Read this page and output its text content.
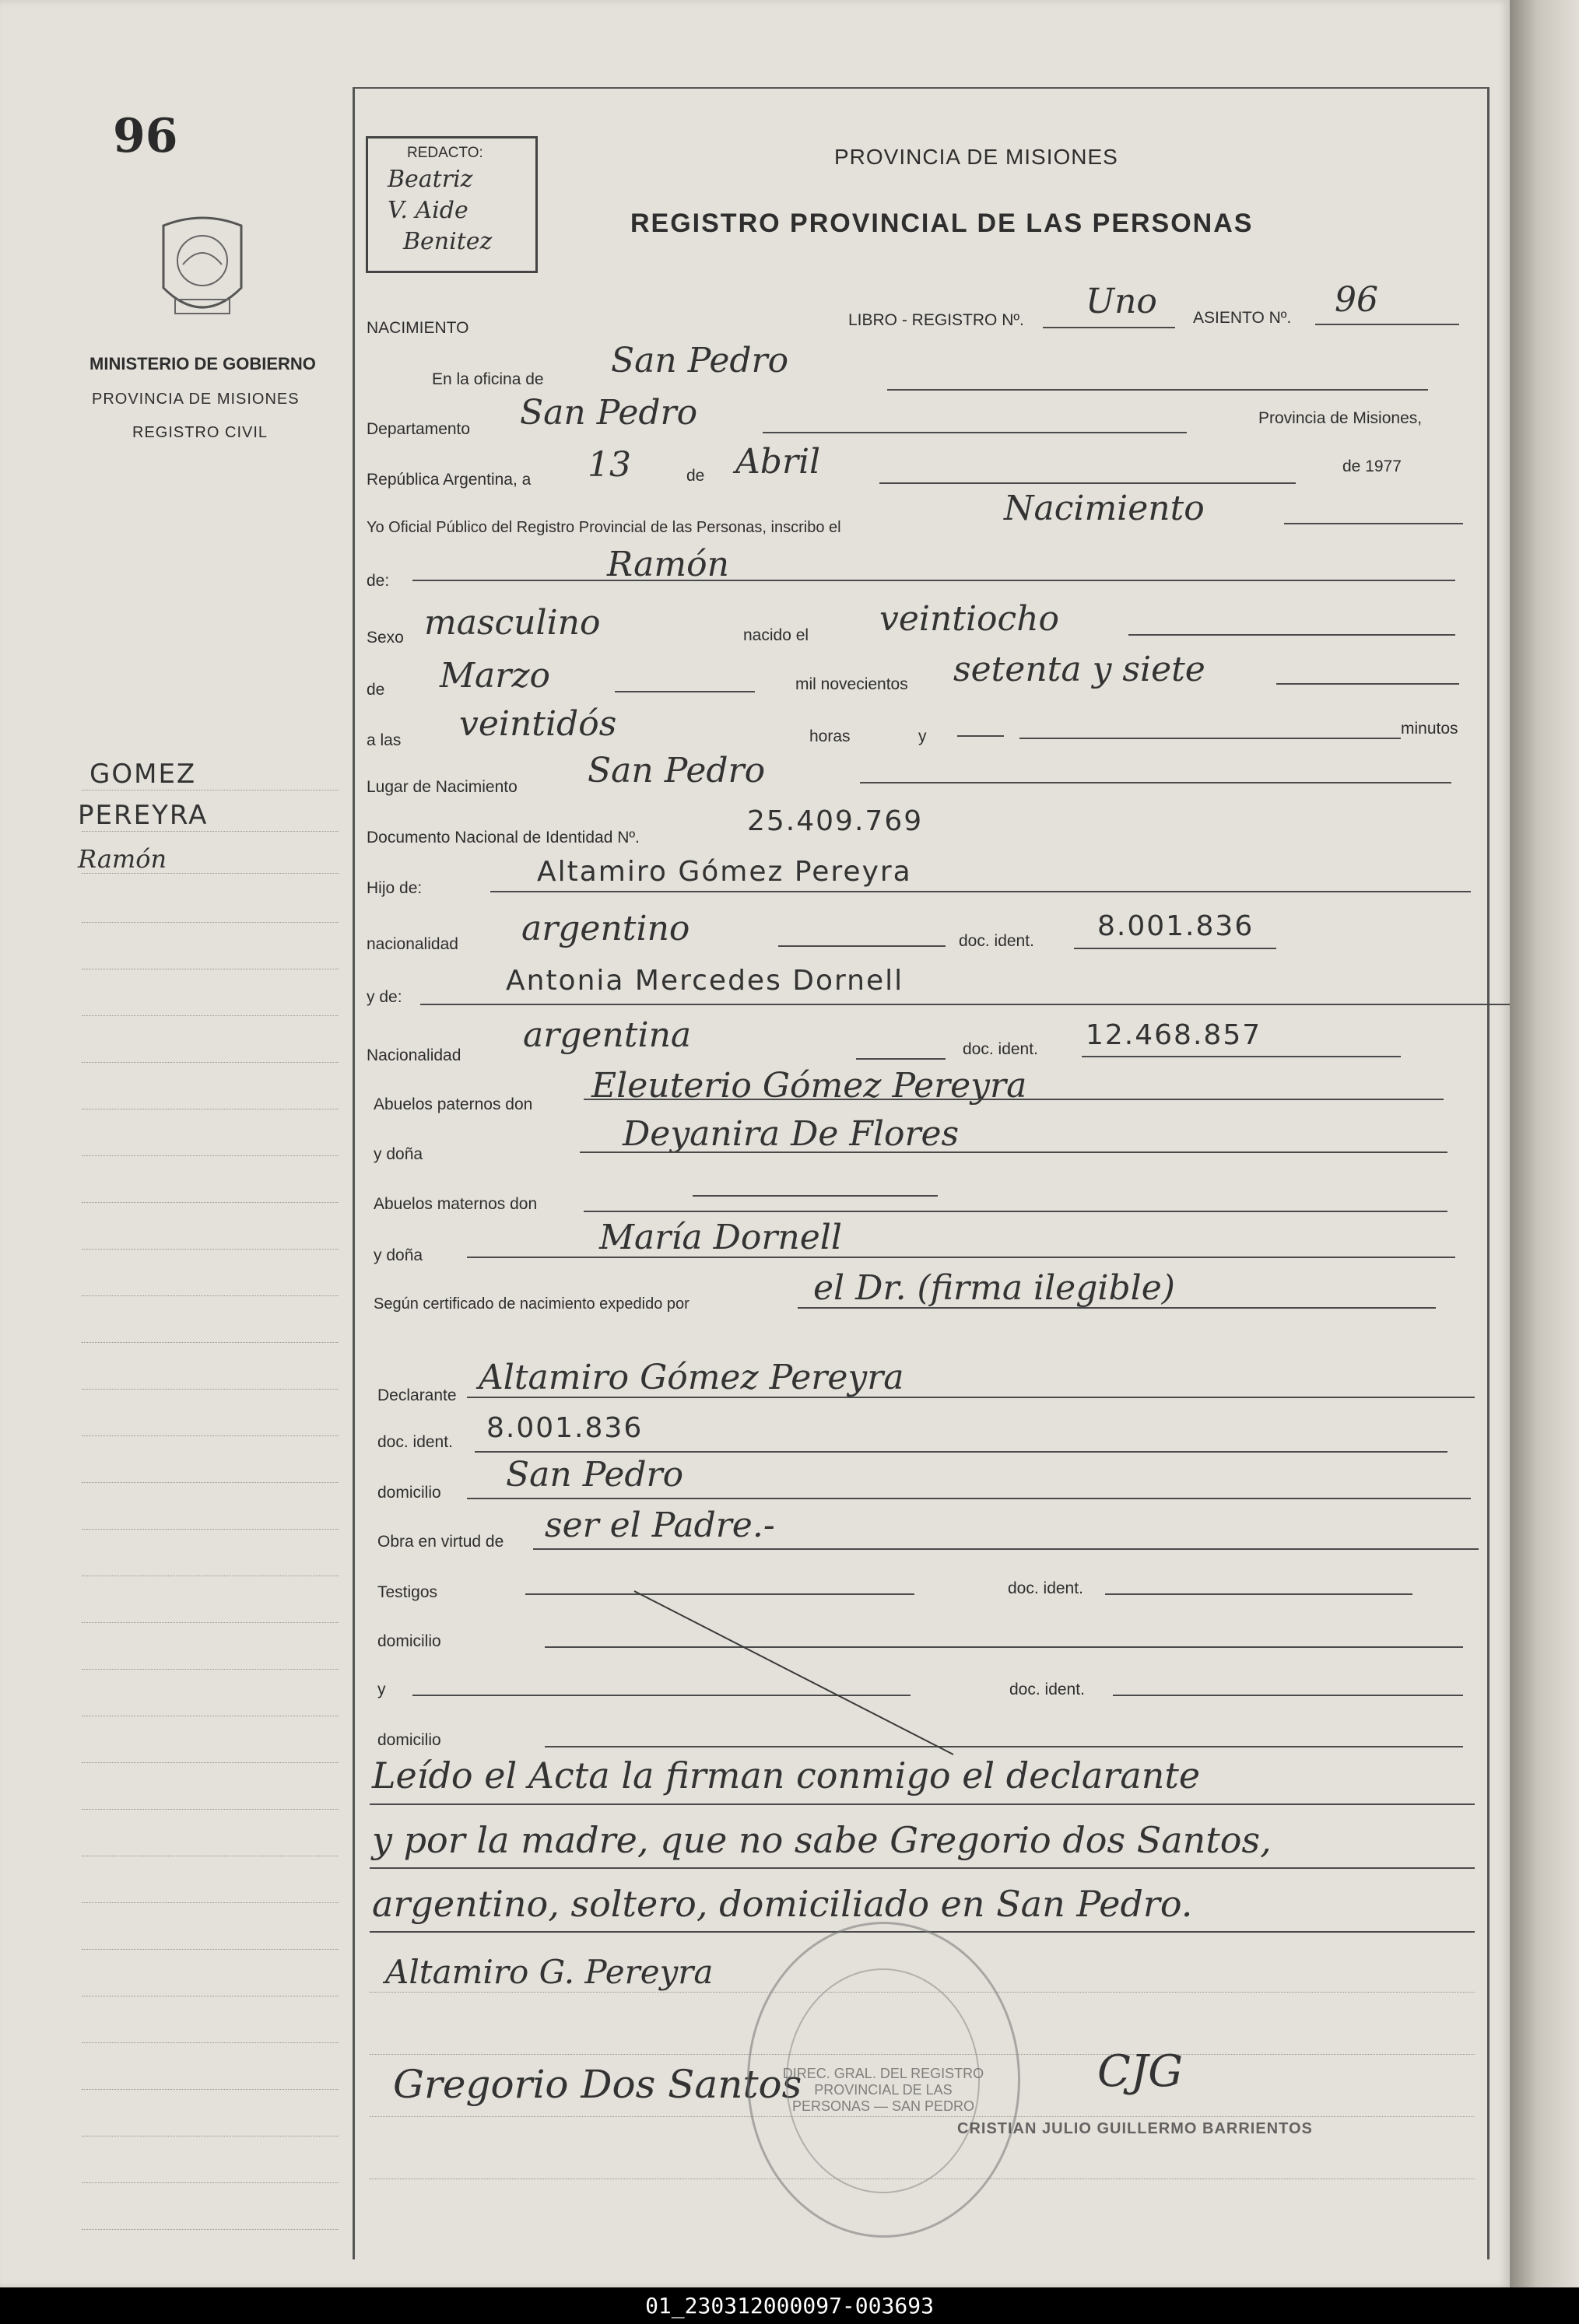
96
MINISTERIO DE GOBIERNO
PROVINCIA DE MISIONES
REGISTRO CIVIL
GOMEZ
PEREYRA
Ramón
REDACTO:
Beatriz
V. Aide
Benitez
PROVINCIA DE MISIONES
REGISTRO PROVINCIAL DE LAS PERSONAS
NACIMIENTO	LIBRO - REGISTRO Nº. Uno ASIENTO Nº. 96
En la oficina de San Pedro
Departamento San Pedro	Provincia de Misiones,
República Argentina, a 13	de Abril	de 1977
Yo Oficial Público del Registro Provincial de las Personas, inscribo el	Nacimiento
de:	Ramón
Sexo masculino	nacido el veintiocho
de Marzo	mil novecientos setenta y siete
a las veintidós	horas	y	minutos
Lugar de Nacimiento San Pedro
Documento Nacional de Identidad Nº.
25.409.769
Hijo de:
Altamiro Gómez Pereyra
nacionalidad argentino	doc. ident. 8.001.836
y de:
Antonia Mercedes Dornell
Nacionalidad
argentina	doc. ident. 12.468.857
Abuelos paternos don Eleuterio Gómez Pereyra
y doña
Deyanira De Flores
Abuelos maternos don
y doña	María Dornell
Según certificado de nacimiento expedido por	el Dr. (firma ilegible)
Declarante Altamiro Gómez Pereyra
doc. ident. 8.001.836
domicilio San Pedro
Obra en virtud de ser el Padre.-
Testigos	doc. ident.
domicilio
y	doc. ident.
domicilio
Leído el Acta la firman conmigo el declarante
y por la madre, que no sabe Gregorio dos Santos,
argentino, soltero, domiciliado en San Pedro.
Altamiro G. Pereyra
Gregorio Dos Santos	CJG
DIREC. GRAL. DEL REGISTRO PROVINCIAL DE LAS PERSONAS — SAN PEDRO
CRISTIAN JULIO GUILLERMO BARRIENTOS
01_230312000097-003693
